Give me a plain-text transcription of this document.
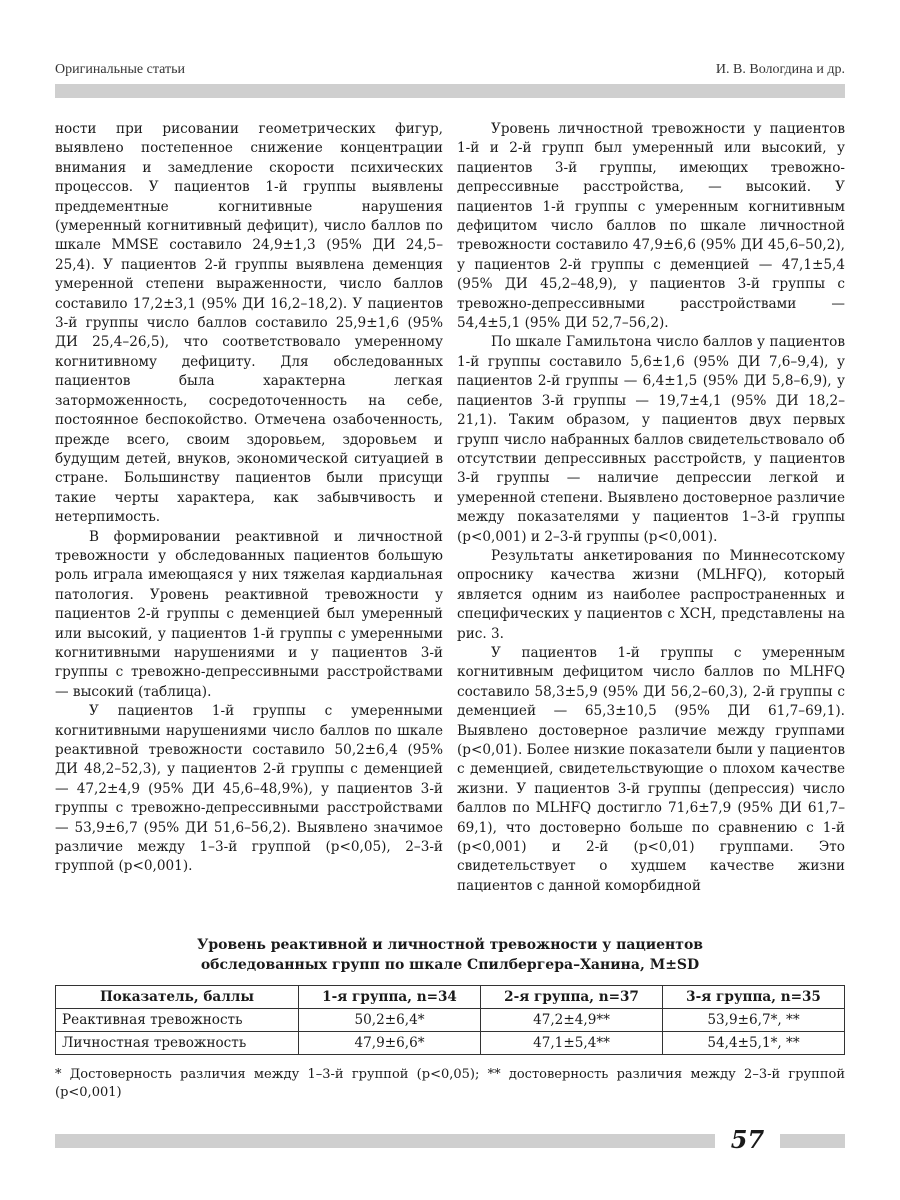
Оригинальные статьи	И. В. Вологдина и др.

ности при рисовании геометрических фигур, выявлено постепенное снижение концентрации внимания и замедление скорости психических процессов. У пациентов 1-й группы выявлены преддементные когнитивные нарушения (умеренный когнитивный дефицит), число баллов по шкале MMSE составило 24,9±1,3 (95% ДИ 24,5–25,4). У пациентов 2-й группы выявлена деменция умеренной степени выраженности, число баллов составило 17,2±3,1 (95% ДИ 16,2–18,2). У пациентов 3-й группы число баллов составило 25,9±1,6 (95% ДИ 25,4–26,5), что соответствовало умеренному когнитивному дефициту. Для обследованных пациентов была характерна легкая заторможенность, сосредоточенность на себе, постоянное беспокойство. Отмечена озабоченность, прежде всего, своим здоровьем, здоровьем и будущим детей, внуков, экономической ситуацией в стране. Большинству пациентов были присущи такие черты характера, как забывчивость и нетерпимость.

В формировании реактивной и личностной тревожности у обследованных пациентов большую роль играла имеющаяся у них тяжелая кардиальная патология. Уровень реактивной тревожности у пациентов 2-й группы с деменцией был умеренный или высокий, у пациентов 1-й группы с умеренными когнитивными нарушениями и у пациентов 3-й группы с тревожно-депрессивными расстройствами — высокий (таблица).

У пациентов 1-й группы с умеренными когнитивными нарушениями число баллов по шкале реактивной тревожности составило 50,2±6,4 (95% ДИ 48,2–52,3), у пациентов 2-й группы с деменцией — 47,2±4,9 (95% ДИ 45,6–48,9%), у пациентов 3-й группы с тревожно-депрессивными расстройствами — 53,9±6,7 (95% ДИ 51,6–56,2). Выявлено значимое различие между 1–3-й группой (p<0,05), 2–3-й группой (p<0,001).

Уровень личностной тревожности у пациентов 1-й и 2-й групп был умеренный или высокий, у пациентов 3-й группы, имеющих тревожно-депрессивные расстройства, — высокий. У пациентов 1-й группы с умеренным когнитивным дефицитом число баллов по шкале личностной тревожности составило 47,9±6,6 (95% ДИ 45,6–50,2), у пациентов 2-й группы с деменцией — 47,1±5,4 (95% ДИ 45,2–48,9), у пациентов 3-й группы с тревожно-депрессивными расстройствами — 54,4±5,1 (95% ДИ 52,7–56,2).

По шкале Гамильтона число баллов у пациентов 1-й группы составило 5,6±1,6 (95% ДИ 7,6–9,4), у пациентов 2-й группы — 6,4±1,5 (95% ДИ 5,8–6,9), у пациентов 3-й группы — 19,7±4,1 (95% ДИ 18,2–21,1). Таким образом, у пациентов двух первых групп число набранных баллов свидетельствовало об отсутствии депрессивных расстройств, у пациентов 3-й группы — наличие депрессии легкой и умеренной степени. Выявлено достоверное различие между показателями у пациентов 1–3-й группы (p<0,001) и 2–3-й группы (p<0,001).

Результаты анкетирования по Миннесотскому опроснику качества жизни (MLHFQ), который является одним из наиболее распространенных и специфических у пациентов с ХСН, представлены на рис. 3.

У пациентов 1-й группы с умеренным когнитивным дефицитом число баллов по MLHFQ составило 58,3±5,9 (95% ДИ 56,2–60,3), 2-й группы с деменцией — 65,3±10,5 (95% ДИ 61,7–69,1). Выявлено достоверное различие между группами (p<0,01). Более низкие показатели были у пациентов с деменцией, свидетельствующие о плохом качестве жизни. У пациентов 3-й группы (депрессия) число баллов по MLHFQ достигло 71,6±7,9 (95% ДИ 61,7–69,1), что достоверно больше по сравнению с 1-й (p<0,001) и 2-й (p<0,01) группами. Это свидетельствует о худшем качестве жизни пациентов с данной коморбидной

Уровень реактивной и личностной тревожности у пациентов
обследованных групп по шкале Спилбергера–Ханина, M±SD
Показатель, баллы	1-я группа, n=34	2-я группа, n=37	3-я группа, n=35
Реактивная тревожность	50,2±6,4*	47,2±4,9**	53,9±6,7*, **
Личностная тревожность	47,9±6,6*	47,1±5,4**	54,4±5,1*, **
* Достоверность различия между 1–3-й группой (p<0,05); ** достоверность различия между 2–3-й группой (p<0,001)
57
